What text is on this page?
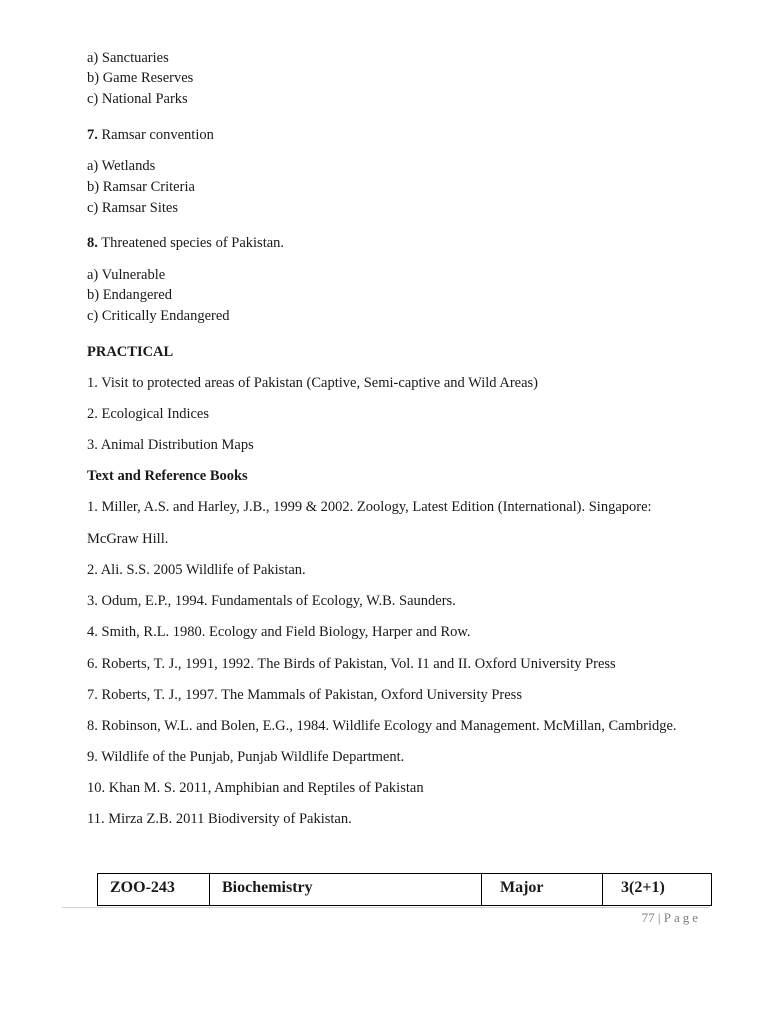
a) Sanctuaries
b) Game Reserves
c) National Parks
7. Ramsar convention
a) Wetlands
b) Ramsar Criteria
c) Ramsar Sites
8. Threatened species of Pakistan.
a) Vulnerable
b) Endangered
c) Critically Endangered
PRACTICAL
1. Visit to protected areas of Pakistan (Captive, Semi-captive and Wild Areas)
2. Ecological Indices
3. Animal Distribution Maps
Text and Reference Books
1. Miller, A.S. and Harley, J.B., 1999 & 2002. Zoology, Latest Edition (International). Singapore:
McGraw Hill.
2. Ali. S.S. 2005 Wildlife of Pakistan.
3. Odum, E.P., 1994. Fundamentals of Ecology, W.B. Saunders.
4. Smith, R.L. 1980. Ecology and Field Biology, Harper and Row.
6. Roberts, T. J., 1991, 1992. The Birds of Pakistan, Vol. I1 and II. Oxford University Press
7. Roberts, T. J., 1997. The Mammals of Pakistan, Oxford University Press
8. Robinson, W.L. and Bolen, E.G., 1984. Wildlife Ecology and Management. McMillan, Cambridge.
9. Wildlife of the Punjab, Punjab Wildlife Department.
10. Khan M. S. 2011, Amphibian and Reptiles of Pakistan
11. Mirza Z.B. 2011 Biodiversity of Pakistan.
ZOO-243	Biochemistry	Major	3(2+1)
77 | Page
